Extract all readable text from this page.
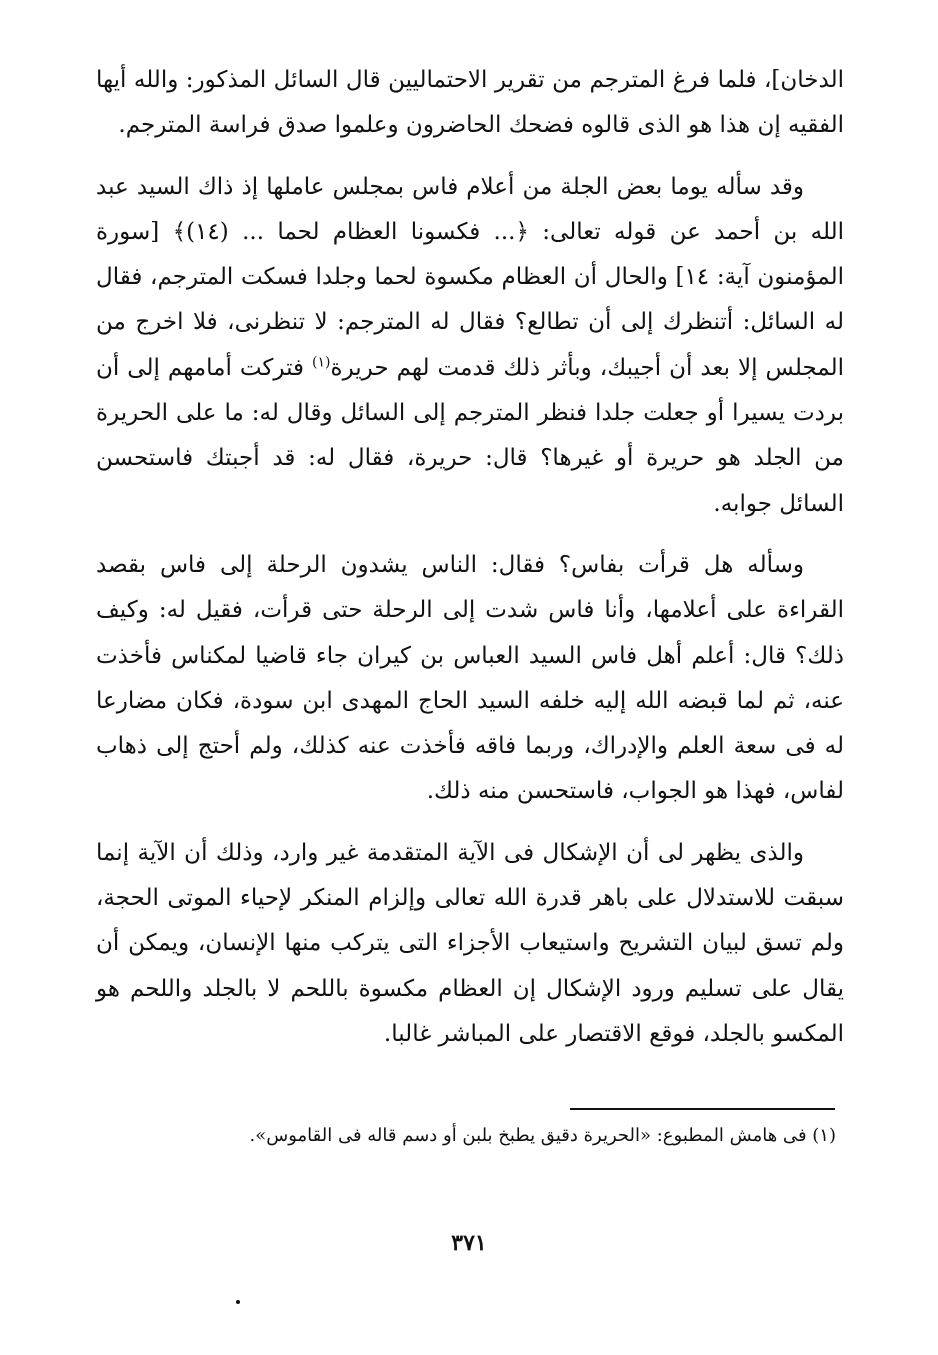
الدخان]، فلما فرغ المترجم من تقرير الاحتماليين قال السائل المذكور: والله أيها الفقيه إن هذا هو الذى قالوه فضحك الحاضرون وعلموا صدق فراسة المترجم.

وقد سأله يوما بعض الجلة من أعلام فاس بمجلس عاملها إذ ذاك السيد عبد الله بن أحمد عن قوله تعالى: ﴿... فكسونا العظام لحما ... (١٤)﴾ [سورة المؤمنون آية: ١٤] والحال أن العظام مكسوة لحما وجلدا فسكت المترجم، فقال له السائل: أتنظرك إلى أن تطالع؟ فقال له المترجم: لا تنظرنى، فلا اخرج من المجلس إلا بعد أن أجيبك، وبأثر ذلك قدمت لهم حريرة$^{(١)}$ فتركت أمامهم إلى أن بردت يسيرا أو جعلت جلدا فنظر المترجم إلى السائل وقال له: ما على الحريرة من الجلد هو حريرة أو غيرها؟ قال: حريرة، فقال له: قد أجبتك فاستحسن السائل جوابه.

وسأله هل قرأت بفاس؟ فقال: الناس يشدون الرحلة إلى فاس بقصد القراءة على أعلامها، وأنا فاس شدت إلى الرحلة حتى قرأت، فقيل له: وكيف ذلك؟ قال: أعلم أهل فاس السيد العباس بن كيران جاء قاضيا لمكناس فأخذت عنه، ثم لما قبضه الله إليه خلفه السيد الحاج المهدى ابن سودة، فكان مضارعا له فى سعة العلم والإدراك، وربما فاقه فأخذت عنه كذلك، ولم أحتج إلى ذهاب لفاس، فهذا هو الجواب، فاستحسن منه ذلك.

والذى يظهر لى أن الإشكال فى الآية المتقدمة غير وارد، وذلك أن الآية إنما سبقت للاستدلال على باهر قدرة الله تعالى وإلزام المنكر لإحياء الموتى الحجة، ولم تسق لبيان التشريح واستيعاب الأجزاء التى يتركب منها الإنسان، ويمكن أن يقال على تسليم ورود الإشكال إن العظام مكسوة باللحم لا بالجلد واللحم هو المكسو بالجلد، فوقع الاقتصار على المباشر غالبا.

(١) فى هامش المطبوع: «الحريرة دقيق يطبخ بلبن أو دسم قاله فى القاموس».
٣٧١
